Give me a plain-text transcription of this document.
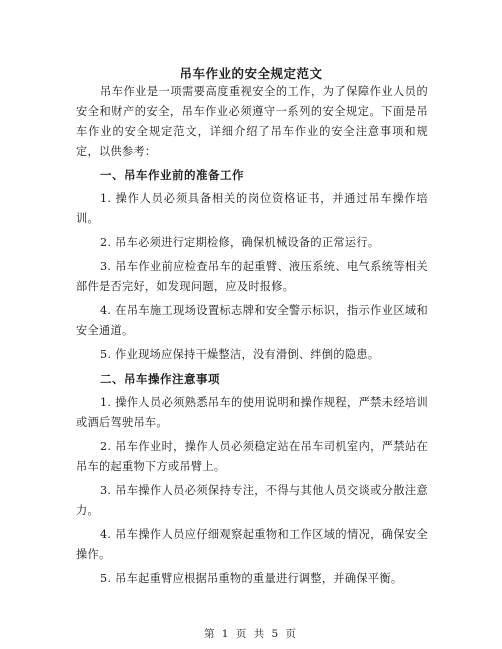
吊车作业的安全规定范文

吊车作业是一项需要高度重视安全的工作，为了保障作业人员的安全和财产的安全，吊车作业必须遵守一系列的安全规定。下面是吊车作业的安全规定范文，详细介绍了吊车作业的安全注意事项和规定，以供参考：

一、吊车作业前的准备工作

1. 操作人员必须具备相关的岗位资格证书，并通过吊车操作培训。

2. 吊车必须进行定期检修，确保机械设备的正常运行。

3. 吊车作业前应检查吊车的起重臂、液压系统、电气系统等相关部件是否完好，如发现问题，应及时报修。

4. 在吊车施工现场设置标志牌和安全警示标识，指示作业区域和安全通道。

5. 作业现场应保持干燥整洁，没有滑倒、绊倒的隐患。

二、吊车操作注意事项

1. 操作人员必须熟悉吊车的使用说明和操作规程，严禁未经培训或酒后驾驶吊车。

2. 吊车作业时，操作人员必须稳定站在吊车司机室内，严禁站在吊车的起重物下方或吊臂上。

3. 吊车操作人员必须保持专注，不得与其他人员交谈或分散注意力。

4. 吊车操作人员应仔细观察起重物和工作区域的情况，确保安全操作。

5. 吊车起重臂应根据吊重物的重量进行调整，并确保平衡。

第 1 页 共 5 页
